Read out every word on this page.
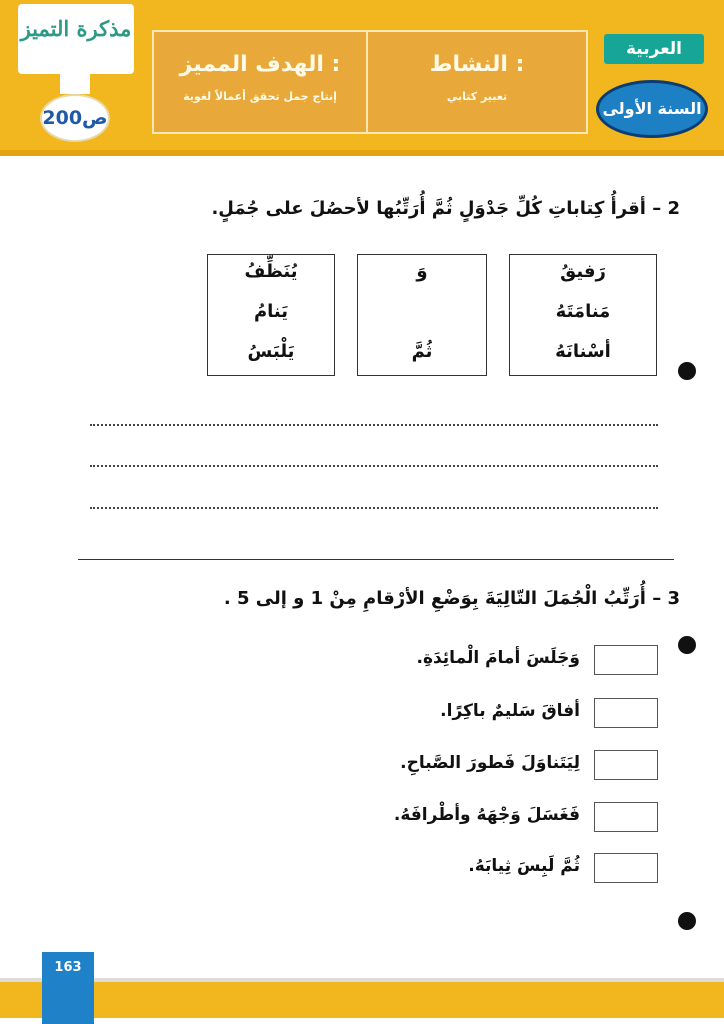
مذكرة التميز
200ص
الهدف المميز :
إنتاج جمل تحقق أعمالاً لغوية
النشاط :
تعبير كتابي
العربية
السنة الأولى
2 – أقرأُ كِتاباتِ كُلِّ جَدْوَلٍ ثُمَّ أُرَتِّبُها لأحصُلَ على جُمَلٍ.
رَفيقُ
مَنامَتَهُ
أسْنانَهُ
وَ
ثُمَّ
يُنَظِّفُ
يَنامُ
يَلْبَسُ
3 – أُرَتِّبُ الْجُمَلَ التّالِيَةَ بِوَضْعِ الأرْقامِ مِنْ 1 و إلى 5 .
وَجَلَسَ أمامَ الْمائِدَةِ.
أفاقَ سَليمٌ باكِرًا.
لِيَتَناوَلَ فَطورَ الصَّباحِ.
فَغَسَلَ وَجْهَهُ وأطْرافَهُ.
ثُمَّ لَبِسَ ثِيابَهُ.
163
